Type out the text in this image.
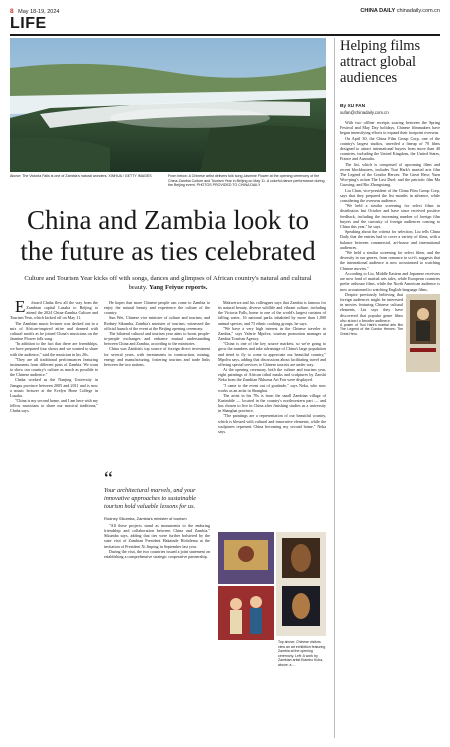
8 May 18-19, 2024	CHINA DAILY chinadaily.com.cn
LIFE
Above: The Victoria Falls is one of Zambia's natural wonders. XINHUA / GETTY IMAGES	From below: A Chinese artist delivers folk song Jasmine Flower at the opening ceremony of the China-Zambia Culture and Tourism Year in Beijing on May 11. A colorful dance performance during the Beijing event. PHOTOS PROVIDED TO CHINA DAILY
China and Zambia look to the future as ties celebrated
Culture and Tourism Year kicks off with songs, dances and glimpses of African country's natural and cultural beauty. Yang Feiyue reports.

E dward Chaba flew all the way from the Zambian capital Lusaka to Beijing to attend the 2024 China-Zambia Culture and Tourism Year, which kicked off on May 11.

The Zambian music lecturer was decked out in a mix of African-inspired attire and donned with cultural motifs as he joined China's musicians on the Jasmine Flower folk song.

"In addition to the fact that there are friendships, we have prepared four shows and we wanted to share with the audience," said the musician in his 20s.

"They are all traditional performances featuring instruments from different parts of Zambia. We want to show our country's culture as much as possible to the Chinese audience."

Chaba worked as the Nanjing University in Jiangsu province between 2005 and 2011 and is now a music lecturer at the Evelyn Hone College in Lusaka.

"China is my second home, and I am here with my fellow musicians to share our musical traditions," Chaba says.

He hopes that more Chinese people can come to Zambia to enjoy the natural beauty and experience the culture of the country.

Sun Wei, Chinese vice minister of culture and tourism, and Rodney Sikumba, Zambia's minister of tourism, witnessed the official launch of the event at the Beijing opening ceremony.

The bilateral cultural and tourism year aims to boost people-to-people exchanges and enhance mutual understanding between China and Zambia, according to the ministries.

China was Zambia's top source of foreign direct investment for several years, with investments in construction, mining, energy and manufacturing, fostering tourism and trade links between the two nations.

“
Your architectural marvels, and your innovative approaches to sustainable tourism hold valuable lessons for us.
Rodney Sikumba, Zambia's minister of tourism

"All these projects stand as monuments to the enduring friendship and collaboration between China and Zambia," Sikumba says, adding that ties were further bolstered by the state visit of Zambian President Hakainde Hichilema at the invitation of President Xi Jinping in September last year.

During the visit, the two countries issued a joint statement on establishing a comprehensive strategic cooperative partnership.

Makwerwa and his colleagues says that Zambia is famous for its natural beauty, diverse wildlife and vibrant culture, including the Victoria Falls, home to one of the world's largest curtains of falling water, 16 national parks inhabited by more than 1,000 animal species, and 73 ethnic cooking groups, he says.

"We have a very high interest in the Chinese traveler to Zambia," says Valerie Mpolva, tourism promotion manager at Zambia Tourism Agency.

"China is one of the key source markets, so we're going to grow the numbers and take advantage of China's large population and trend to fly to come to appreciate our beautiful country," Mpolva says, adding that discussions about facilitating travel and offering special services to Chinese tourists are under way.

At the opening ceremony, both the culture and tourism year, eight paintings of African tribal masks and sculptures by Zaoshi Neka from the Zambian Nkhoma Art Fair were displayed.

"I came to the event out of gratitude," says Neka, who now works as an artist in Shanghai.

The artist in his 70s is from the small Zambian village of Kasimbile — located in the country's northwestern part — and has chosen to live in China after finishing studies as a university in Shanghai province.

"The paintings are a representation of our beautiful country, which is blessed with cultural and innovative elements, while the sculptures represent China becoming my second home," Neka says.

Top above: Chinese visitors view an art exhibition featuring Zambia at the opening ceremony. Left: A work by Zambian artist Kiambo Kuha, above: a ...
Helping films attract global audiences
By XU FAN
xufan@chinadaily.com.cn

With two offline receipts soaring between the Spring Festival and May Day holidays, Chinese filmmakers have begun intensifying efforts to expand their footprint overseas.

On April 30, the China Film Group Corp, one of the country's largest studios, unveiled a lineup of 70 films designed to attract international buyers from more than 40 countries, including the United Kingdom, the United States, France and Australia.

The list, which is comprised of upcoming films and recent blockbusters, includes Tsui Hark's martial arts film The Legend of the Condor Heroes: The Great Hero; Yuen Woo-ping's action The Last Duel; and the patriotic film Ma Guoxing; and Rio Zhongxiang.

Liu Chun, vice-president of the China Film Group Corp, says that they prepared the list months in advance, while considering the overseas audience.

"We held a similar screening for select films in distributors last October and have since received positive feedback, including the increasing number of foreign film buyers and the curiosity of foreign audiences coming to China this year," he says.

Speaking about the criteria for selection, Liu tells China Daily that the entries had to cover a variety of films, with a balance between commercial, art-house and international audiences.

"We held a similar screening for select films, and the diversity in our genres, from romance to sci-fi, suggests that the international audience is now accustomed to watching Chinese movies."

According to Liu, Middle Eastern and Japanese receivers are now fond of martial arts tales, while European countries prefer arthouse films, while the North American audience is now accustomed to watching English-language films.

Despite previously believing that foreign audiences might be interested in movies featuring Chinese cultural elements, Liu says they have discovered that popular genre films also attract a broader audience.

A poster of Tsui Hark's martial arts film The Legend of the Condor Heroes: The Great Hero.
